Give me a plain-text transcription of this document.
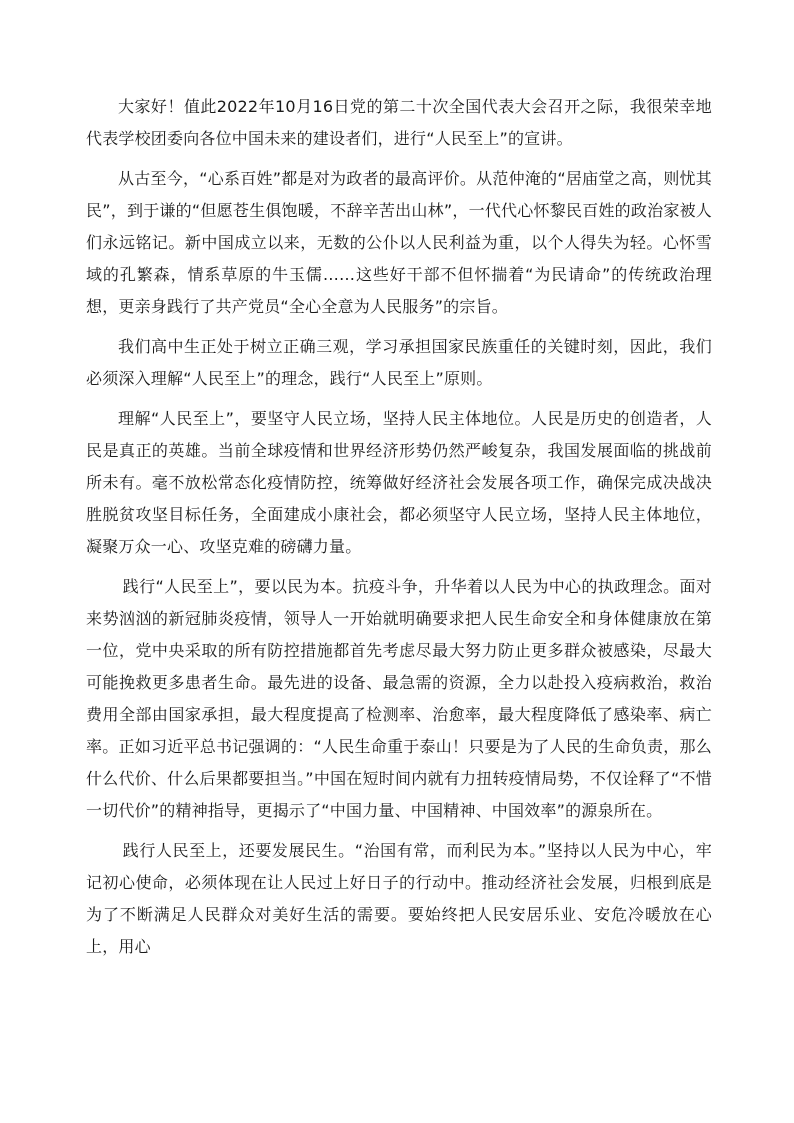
大家好！值此2022年10月16日党的第二十次全国代表大会召开之际，我很荣幸地代表学校团委向各位中国未来的建设者们，进行“人民至上”的宣讲。

从古至今，“心系百姓”都是对为政者的最高评价。从范仲淹的“居庙堂之高，则忧其民”，到于谦的“但愿苍生俱饱暖，不辞辛苦出山林”，一代代心怀黎民百姓的政治家被人们永远铭记。新中国成立以来，无数的公仆以人民利益为重，以个人得失为轻。心怀雪域的孔繁森，情系草原的牛玉儒……这些好干部不但怀揣着“为民请命”的传统政治理想，更亲身践行了共产党员“全心全意为人民服务”的宗旨。

我们高中生正处于树立正确三观，学习承担国家民族重任的关键时刻，因此，我们必须深入理解“人民至上”的理念，践行“人民至上”原则。

理解“人民至上”，要坚守人民立场，坚持人民主体地位。人民是历史的创造者，人民是真正的英雄。当前全球疫情和世界经济形势仍然严峻复杂，我国发展面临的挑战前所未有。毫不放松常态化疫情防控，统筹做好经济社会发展各项工作，确保完成决战决胜脱贫攻坚目标任务，全面建成小康社会，都必须坚守人民立场，坚持人民主体地位，凝聚万众一心、攻坚克难的磅礴力量。

践行“人民至上”，要以民为本。抗疫斗争，升华着以人民为中心的执政理念。面对来势汹汹的新冠肺炎疫情，领导人一开始就明确要求把人民生命安全和身体健康放在第一位，党中央采取的所有防控措施都首先考虑尽最大努力防止更多群众被感染，尽最大可能挽救更多患者生命。最先进的设备、最急需的资源，全力以赴投入疫病救治，救治费用全部由国家承担，最大程度提高了检测率、治愈率，最大程度降低了感染率、病亡率。正如习近平总书记强调的：“人民生命重于泰山！只要是为了人民的生命负责，那么什么代价、什么后果都要担当。”中国在短时间内就有力扭转疫情局势，不仅诠释了“不惜一切代价”的精神指导，更揭示了“中国力量、中国精神、中国效率”的源泉所在。

践行人民至上，还要发展民生。“治国有常，而利民为本。”坚持以人民为中心，牢记初心使命，必须体现在让人民过上好日子的行动中。推动经济社会发展，归根到底是为了不断满足人民群众对美好生活的需要。要始终把人民安居乐业、安危冷暖放在心上，用心
